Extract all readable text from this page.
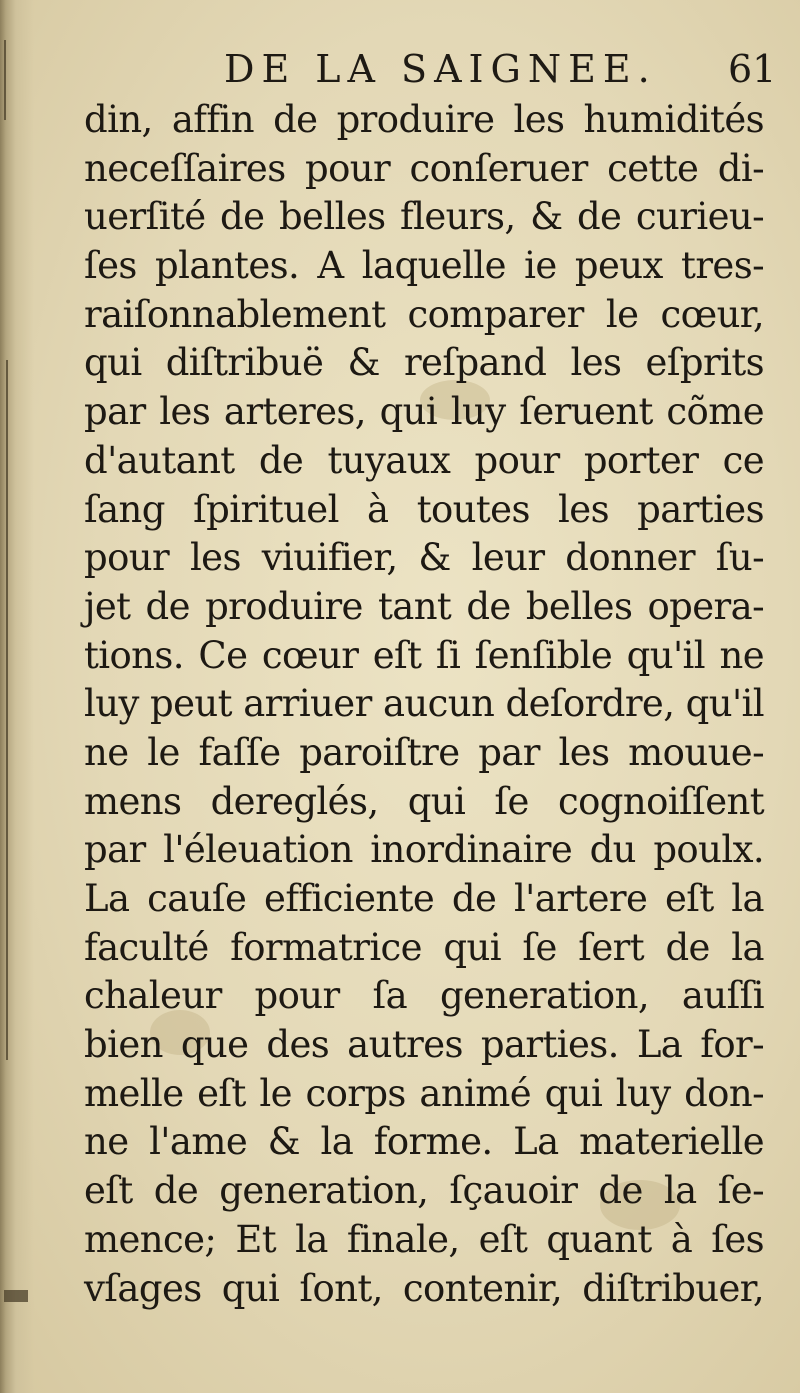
DE LA SAIGNEE. 61
din, affin de produire les humidités
neceſſaires pour conſeruer cette di-
uerſité de belles fleurs, & de curieu-
ſes plantes. A laquelle ie peux tres-
raiſonnablement comparer le cœur,
qui diſtribuë & reſpand les eſprits
par les arteres, qui luy ſeruent cõme
d'autant de tuyaux pour porter ce
ſang ſpirituel à toutes les parties
pour les viuifier, & leur donner ſu-
jet de produire tant de belles opera-
tions. Ce cœur eſt ſi ſenſible qu'il ne
luy peut arriuer aucun deſordre, qu'il
ne le faſſe paroiſtre par les mouue-
mens dereglés, qui ſe cognoiſſent
par l'éleuation inordinaire du poulx.
La cauſe efficiente de l'artere eſt la
faculté formatrice qui ſe ſert de la
chaleur pour ſa generation, auſſi
bien que des autres parties. La for-
melle eſt le corps animé qui luy don-
ne l'ame & la forme. La materielle
eſt de generation, ſçauoir de la ſe-
mence; Et la finale, eſt quant à ſes
vſages qui ſont, contenir, diſtribuer,
